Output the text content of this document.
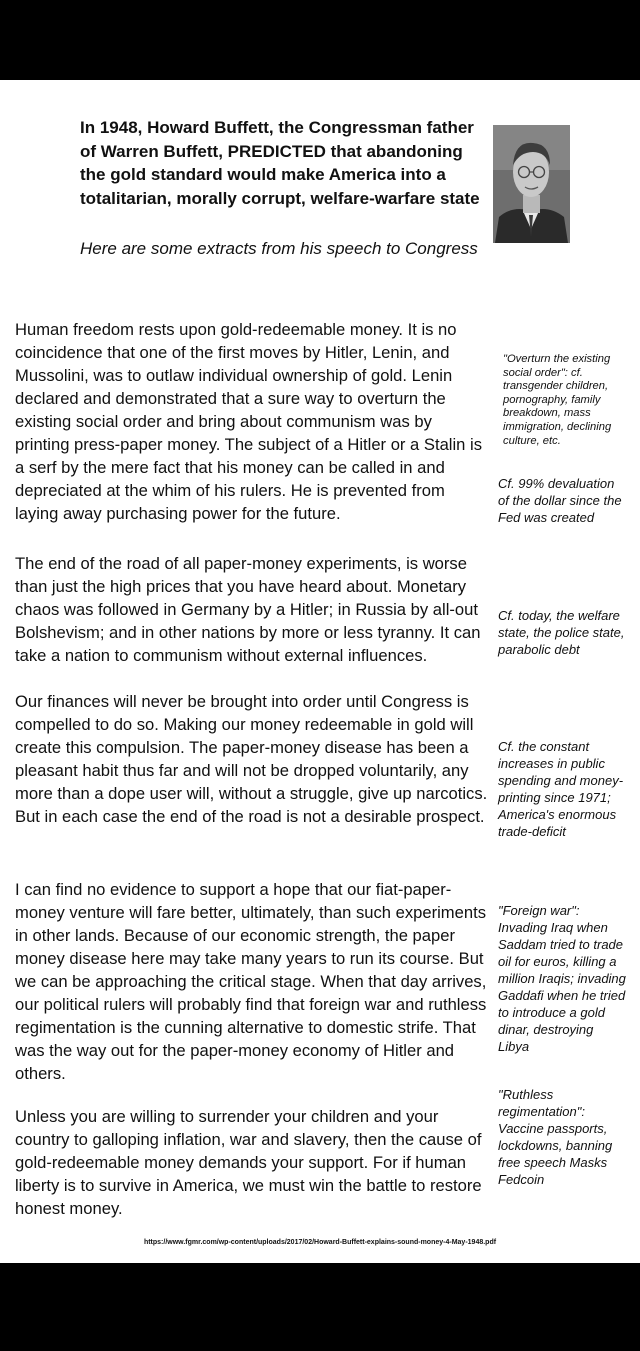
In 1948, Howard Buffett, the Congressman father of Warren Buffett, PREDICTED that abandoning the gold standard would make America into a totalitarian, morally corrupt, welfare-warfare state

Here are some extracts from his speech to Congress

Human freedom rests upon gold-redeemable money. It is no coincidence that one of the first moves by Hitler, Lenin, and Mussolini, was to outlaw individual ownership of gold. Lenin declared and demonstrated that a sure way to overturn the existing social order and bring about communism was by printing press-paper money. The subject of a Hitler or a Stalin is a serf by the mere fact that his money can be called in and depreciated at the whim of his rulers. He is prevented from laying away purchasing power for the future.

The end of the road of all paper-money experiments, is worse than just the high prices that you have heard about. Monetary chaos was followed in Germany by a Hitler; in Russia by all-out Bolshevism; and in other nations by more or less tyranny. It can take a nation to communism without external influences.

Our finances will never be brought into order until Congress is compelled to do so. Making our money redeemable in gold will create this compulsion. The paper-money disease has been a pleasant habit thus far and will not be dropped voluntarily, any more than a dope user will, without a struggle, give up narcotics. But in each case the end of the road is not a desirable prospect.

I can find no evidence to support a hope that our fiat-paper-money venture will fare better, ultimately, than such experiments in other lands. Because of our economic strength, the paper money disease here may take many years to run its course. But we can be approaching the critical stage. When that day arrives, our political rulers will probably find that foreign war and ruthless regimentation is the cunning alternative to domestic strife. That was the way out for the paper-money economy of Hitler and others.

Unless you are willing to surrender your children and your country to galloping inflation, war and slavery, then the cause of gold-redeemable money demands your support. For if human liberty is to survive in America, we must win the battle to restore honest money.

"Overturn the existing social order": cf. transgender children, pornography, family breakdown, mass immigration, declining culture, etc.

Cf. 99% devaluation of the dollar since the Fed was created

Cf. today, the welfare state, the police state, parabolic debt

Cf. the constant increases in public spending and money-printing since 1971; America's enormous trade-deficit

"Foreign war": Invading Iraq when Saddam tried to trade oil for euros, killing a million Iraqis; invading Gaddafi when he tried to introduce a gold dinar, destroying Libya

"Ruthless regimentation": Vaccine passports, lockdowns, banning free speech Masks Fedcoin

https://www.fgmr.com/wp-content/uploads/2017/02/Howard-Buffett-explains-sound-money-4-May-1948.pdf
